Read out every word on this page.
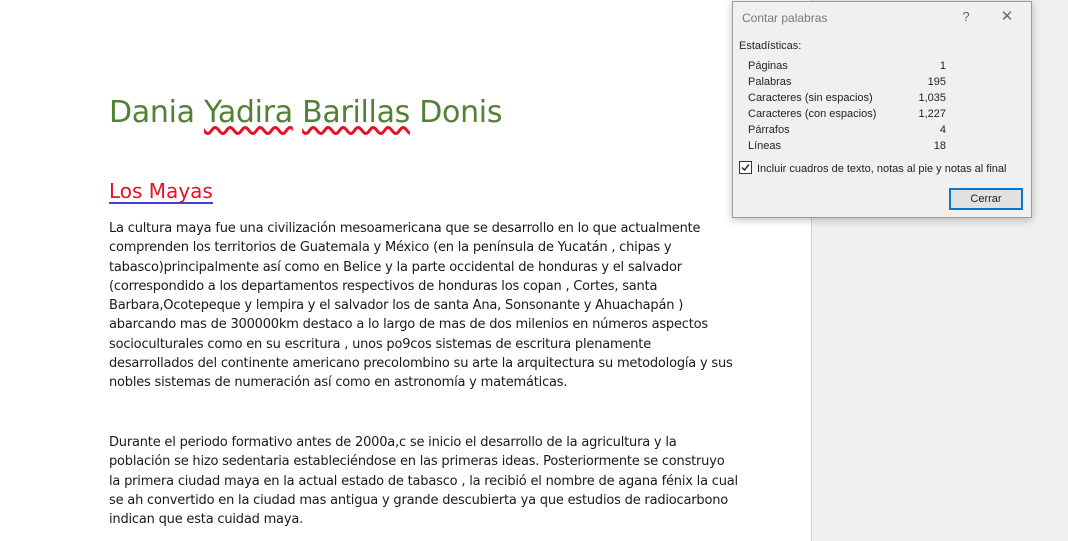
Dania Yadira Barillas Donis
Los Mayas
La cultura maya fue una civilización mesoamericana que se desarrollo en lo que actualmente
comprenden los territorios de Guatemala y México (en la península de Yucatán , chipas y
tabasco)principalmente así como en Belice y la parte occidental de honduras y el salvador
(correspondido a los departamentos respectivos de honduras los copan , Cortes, santa
Barbara,Ocotepeque y lempira y el salvador los de santa Ana, Sonsonante y Ahuachapán )
abarcando mas de 300000km destaco a lo largo de mas de dos milenios en números aspectos
socioculturales como en su escritura , unos po9cos sistemas de escritura plenamente
desarrollados del continente americano precolombino su arte la arquitectura su metodología y sus
nobles sistemas de numeración así como en astronomía y matemáticas.
Durante el periodo formativo antes de 2000a,c se inicio el desarrollo de la agricultura y la
población se hizo sedentaria estableciéndose en las primeras ideas. Posteriormente se construyo
la primera ciudad maya en la actual estado de tabasco , la recibió el nombre de agana fénix la cual
se ah convertido en la ciudad mas antigua y grande descubierta ya que estudios de radiocarbono
indican que esta cuidad maya.
Contar palabras	?	✕
Estadísticas:
Páginas	1
Palabras	195
Caracteres (sin espacios)	1,035
Caracteres (con espacios)	1,227
Párrafos	4
Líneas	18
Incluir cuadros de texto, notas al pie y notas al final
Cerrar
